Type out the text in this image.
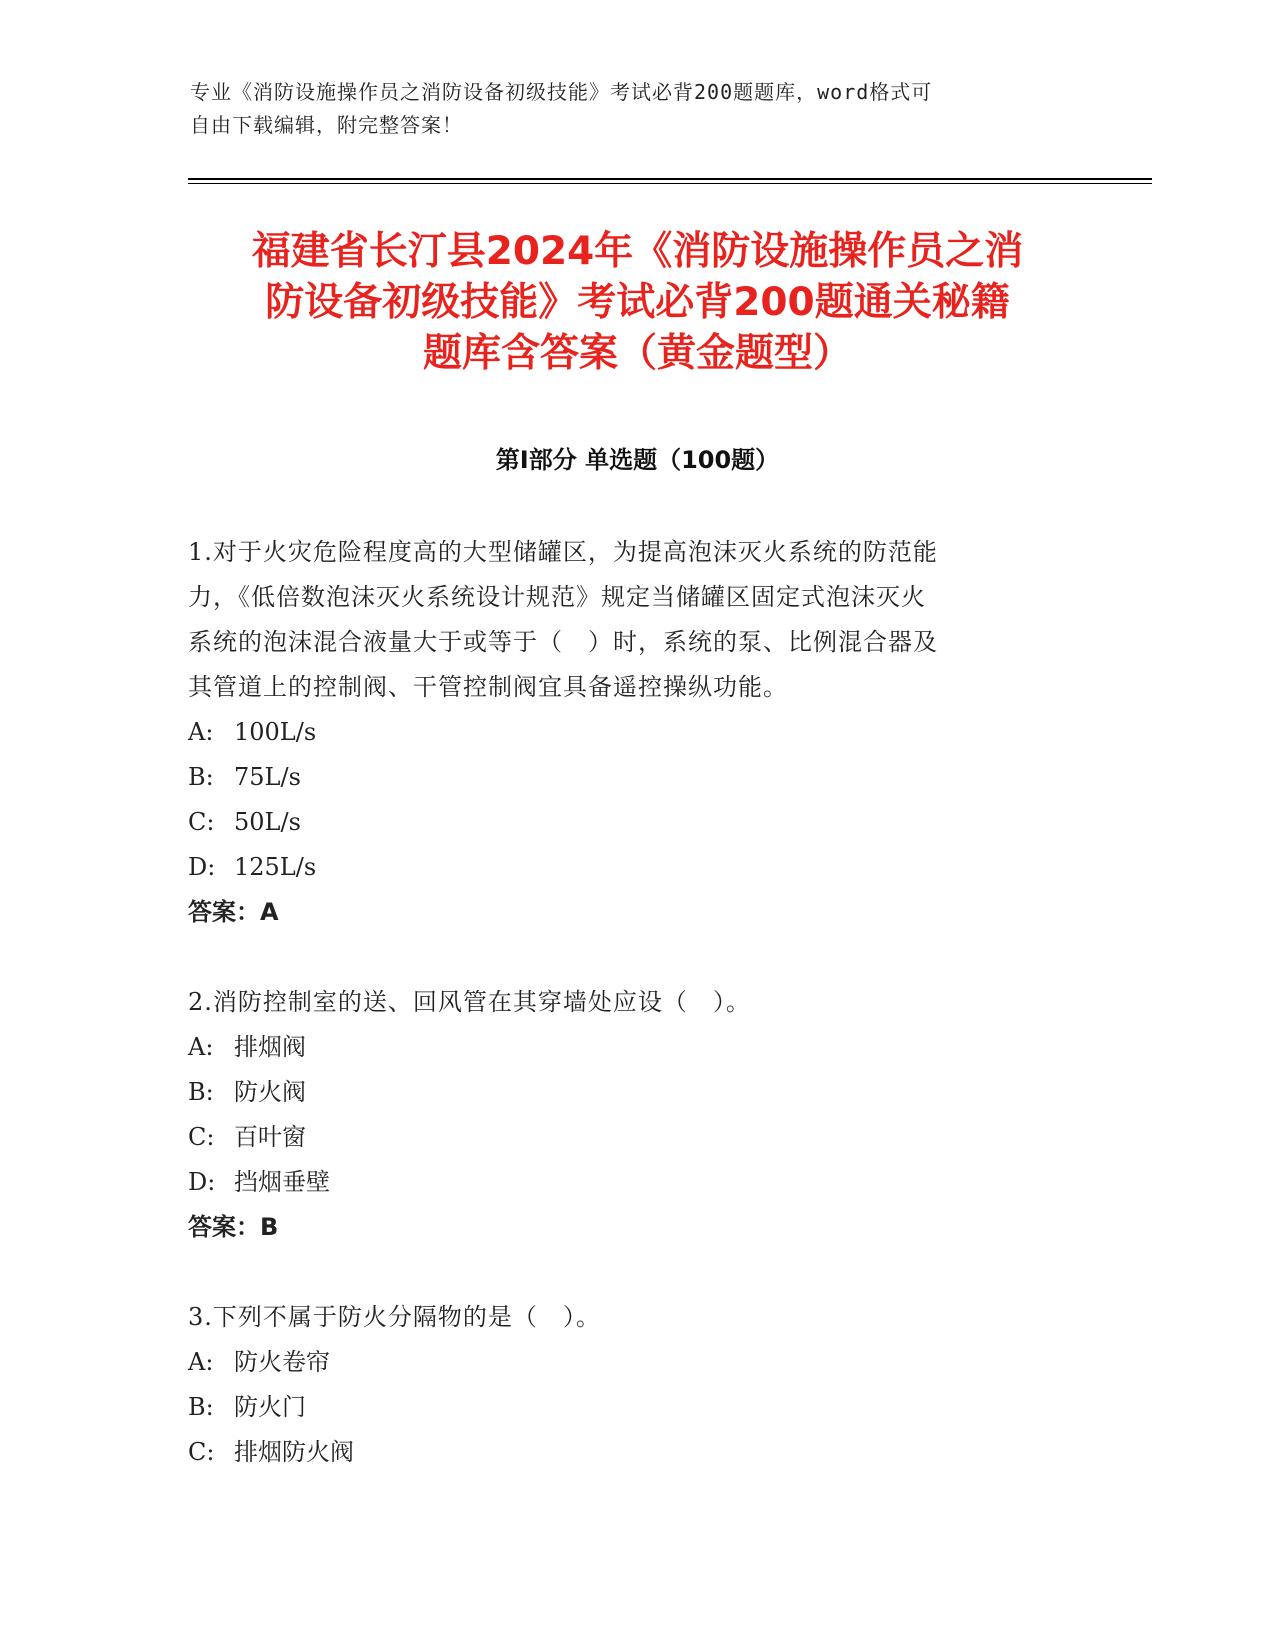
专业《消防设施操作员之消防设备初级技能》考试必背200题题库，word格式可
自由下载编辑，附完整答案！
福建省长汀县2024年《消防设施操作员之消
防设备初级技能》考试必背200题通关秘籍
题库含答案（黄金题型）
第Ⅰ部分 单选题（100题）
1.对于火灾危险程度高的大型储罐区，为提高泡沫灭火系统的防范能
力，《低倍数泡沫灭火系统设计规范》规定当储罐区固定式泡沫灭火
系统的泡沫混合液量大于或等于（　）时，系统的泵、比例混合器及
其管道上的控制阀、干管控制阀宜具备遥控操纵功能。
A: 100L/s
B: 75L/s
C: 50L/s
D: 125L/s
答案：A
2.消防控制室的送、回风管在其穿墙处应设（　）。
A: 排烟阀
B: 防火阀
C: 百叶窗
D: 挡烟垂壁
答案：B
3.下列不属于防火分隔物的是（　）。
A: 防火卷帘
B: 防火门
C: 排烟防火阀
